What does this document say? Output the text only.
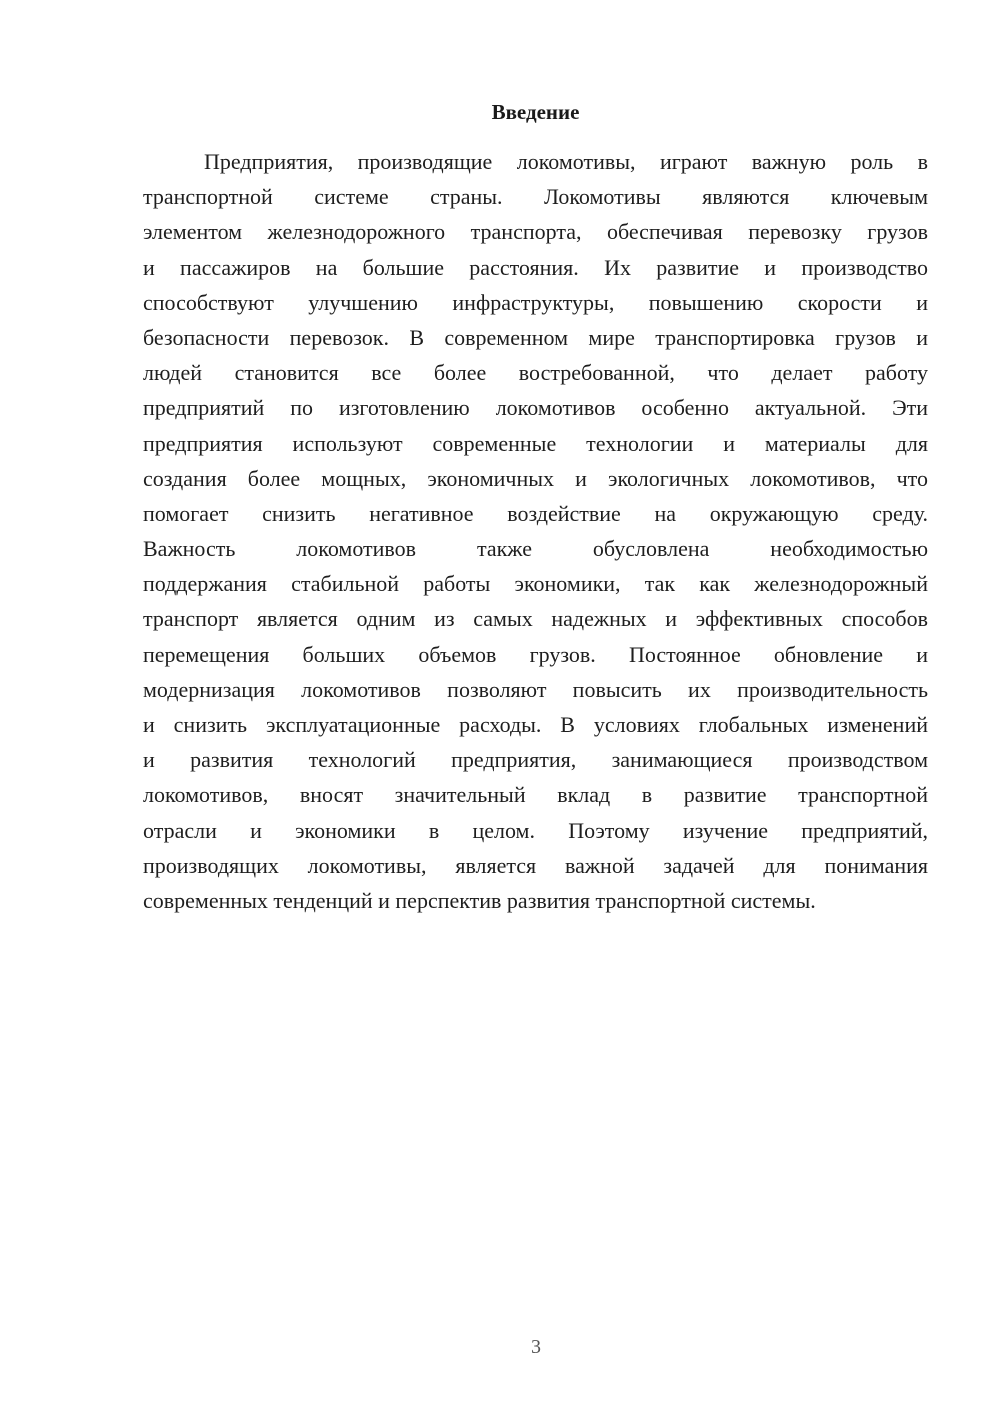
Введение
Предприятия, производящие локомотивы, играют важную роль в
транспортной системе страны. Локомотивы являются ключевым
элементом железнодорожного транспорта, обеспечивая перевозку грузов
и пассажиров на большие расстояния. Их развитие и производство
способствуют улучшению инфраструктуры, повышению скорости и
безопасности перевозок. В современном мире транспортировка грузов и
людей становится все более востребованной, что делает работу
предприятий по изготовлению локомотивов особенно актуальной. Эти
предприятия используют современные технологии и материалы для
создания более мощных, экономичных и экологичных локомотивов, что
помогает снизить негативное воздействие на окружающую среду.
Важность локомотивов также обусловлена необходимостью
поддержания стабильной работы экономики, так как железнодорожный
транспорт является одним из самых надежных и эффективных способов
перемещения больших объемов грузов. Постоянное обновление и
модернизация локомотивов позволяют повысить их производительность
и снизить эксплуатационные расходы. В условиях глобальных изменений
и развития технологий предприятия, занимающиеся производством
локомотивов, вносят значительный вклад в развитие транспортной
отрасли и экономики в целом. Поэтому изучение предприятий,
производящих локомотивы, является важной задачей для понимания
современных тенденций и перспектив развития транспортной системы.
3
